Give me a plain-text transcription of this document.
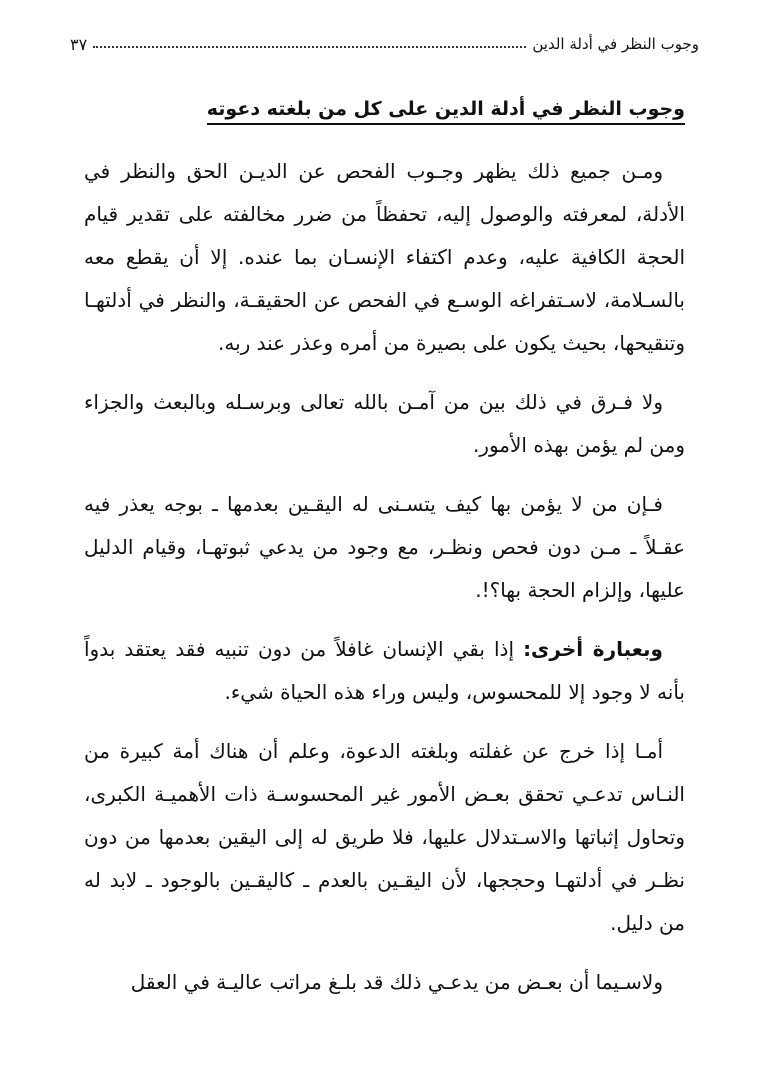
وجوب النظر في أدلة الدين
٣٧
وجوب النظر في أدلة الدين على كل من بلغته دعوته

ومـن جميع ذلك يظهر وجـوب الفحص عن الديـن الحق والنظر في الأدلة، لمعرفته والوصول إليه، تحفظاً من ضرر مخالفته على تقدير قيام الحجة الكافية عليه، وعدم اكتفاء الإنسـان بما عنده. إلا أن يقطع معه بالسـلامة، لاسـتفراغه الوسـع في الفحص عن الحقيقـة، والنظر في أدلتهـا وتنقيحها، بحيث يكون على بصيرة من أمره وعذر عند ربه.

ولا فـرق في ذلك بين من آمـن بالله تعالى وبرسـله وبالبعث والجزاء ومن لم يؤمن بهذه الأمور.

فـإن من لا يؤمن بها كيف يتسـنى له اليقـين بعدمها ـ بوجه يعذر فيه عقـلاً ـ مـن دون فحص ونظـر، مع وجود من يدعي ثبوتهـا، وقيام الدليل عليها، وإلزام الحجة بها؟!.

وبعبارة أخرى: إذا بقي الإنسان غافلاً من دون تنبيه فقد يعتقد بدواً بأنه لا وجود إلا للمحسوس، وليس وراء هذه الحياة شيء.

أمـا إذا خرج عن غفلته وبلغته الدعوة، وعلم أن هناك أمة كبيرة من النـاس تدعـي تحقق بعـض الأمور غير المحسوسـة ذات الأهميـة الكبرى، وتحاول إثباتها والاسـتدلال عليها، فلا طريق له إلى اليقين بعدمها من دون نظـر في أدلتهـا وحججها، لأن اليقـين بالعدم ـ كاليقـين بالوجود ـ لابد له من دليل.

ولاسـيما أن بعـض من يدعـي ذلك قد بلـغ مراتب عاليـة في العقل
